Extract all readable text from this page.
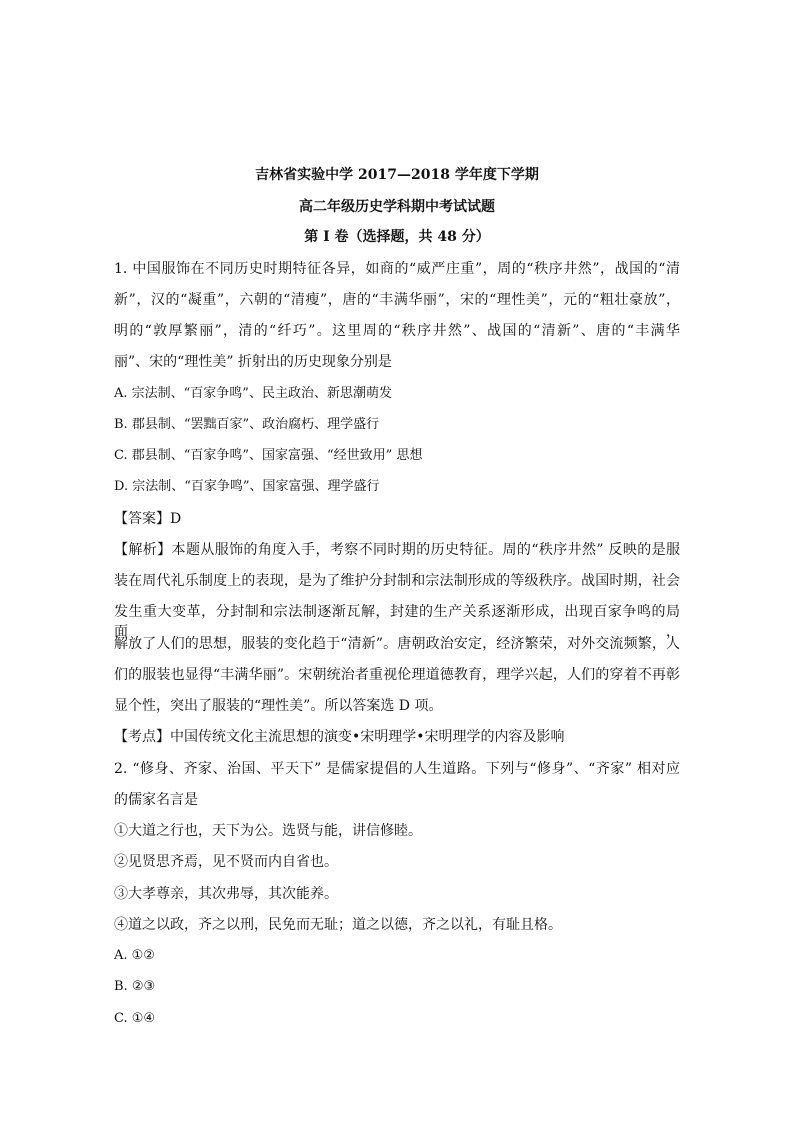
吉林省实验中学 2017—2018 学年度下学期
高二年级历史学科期中考试试题
第 I 卷（选择题，共 48 分）
1. 中国服饰在不同历史时期特征各异，如商的“威严庄重”，周的“秩序井然”，战国的“清
新”，汉的“凝重”，六朝的“清瘦”，唐的“丰满华丽”，宋的“理性美”，元的“粗壮豪放”，
明的“敦厚繁丽”，清的“纤巧”。这里周的“秩序井然”、战国的“清新”、唐的“丰满华
丽”、宋的“理性美” 折射出的历史现象分别是
A. 宗法制、“百家争鸣”、民主政治、新思潮萌发
B. 郡县制、“罢黜百家”、政治腐朽、理学盛行
C. 郡县制、“百家争鸣”、国家富强、“经世致用” 思想
D. 宗法制、“百家争鸣”、国家富强、理学盛行
【答案】D
【解析】本题从服饰的角度入手，考察不同时期的历史特征。周的“秩序井然” 反映的是服
装在周代礼乐制度上的表现，是为了维护分封制和宗法制形成的等级秩序。战国时期，社会
发生重大变革，分封制和宗法制逐渐瓦解，封建的生产关系逐渐形成，出现百家争鸣的局面，
解放了人们的思想，服装的变化趋于“清新”。唐朝政治安定，经济繁荣，对外交流频繁，人
们的服装也显得“丰满华丽”。宋朝统治者重视伦理道德教育，理学兴起，人们的穿着不再彰
显个性，突出了服装的“理性美”。所以答案选 D 项。
【考点】中国传统文化主流思想的演变•宋明理学•宋明理学的内容及影响
2. “修身、齐家、治国、平天下” 是儒家提倡的人生道路。下列与“修身”、“齐家” 相对应
的儒家名言是
①大道之行也，天下为公。选贤与能，讲信修睦。
②见贤思齐焉，见不贤而内自省也。
③大孝尊亲，其次弗辱，其次能养。
④道之以政，齐之以刑，民免而无耻；道之以德，齐之以礼，有耻且格。
A. ①②
B. ②③
C. ①④
